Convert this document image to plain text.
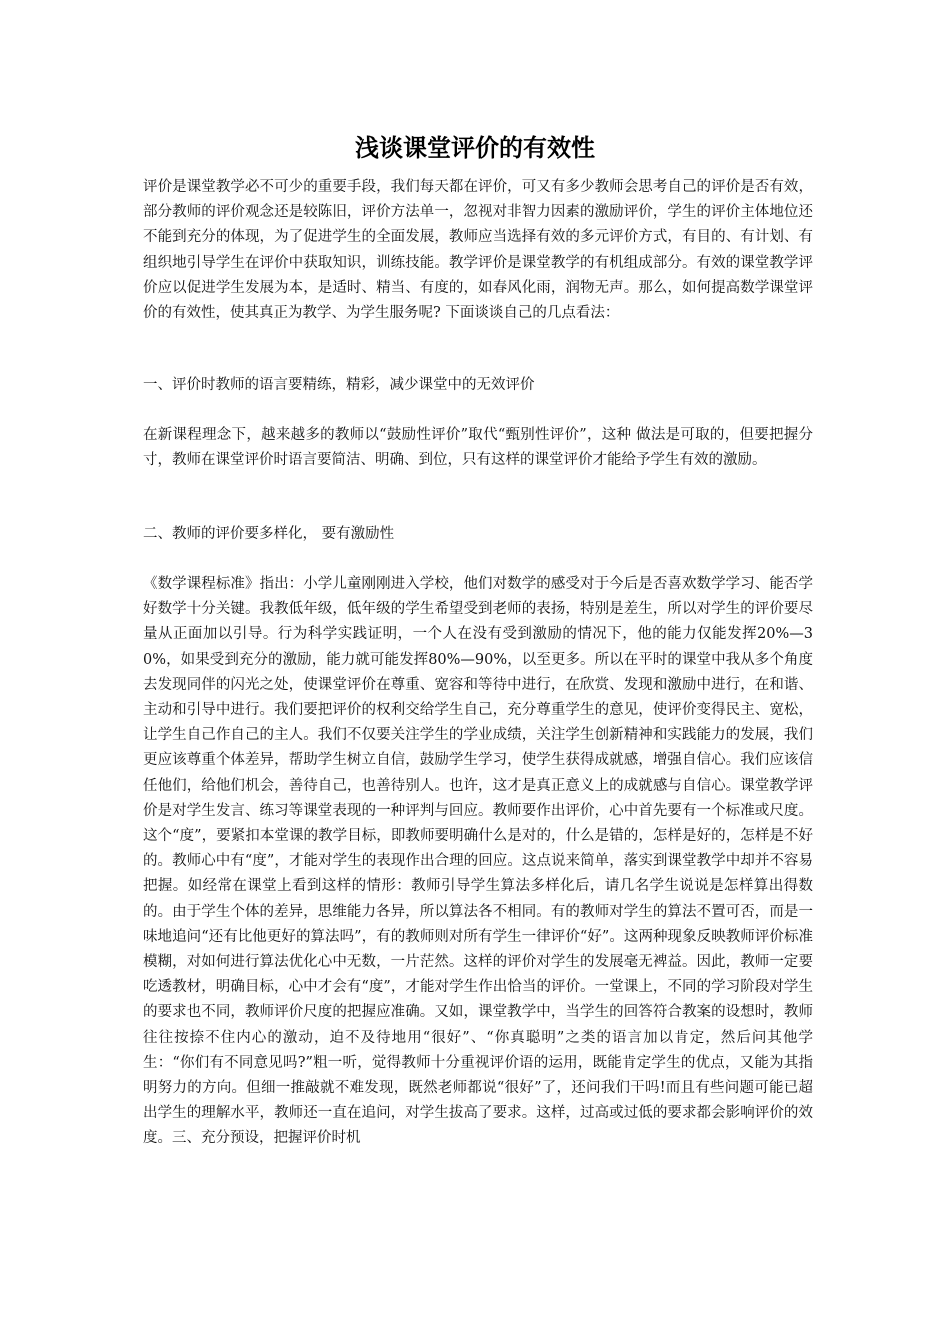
浅谈课堂评价的有效性

评价是课堂教学必不可少的重要手段，我们每天都在评价，可又有多少教师会思考自己的评价是否有效，部分教师的评价观念还是较陈旧，评价方法单一，忽视对非智力因素的激励评价，学生的评价主体地位还不能到充分的体现，为了促进学生的全面发展，教师应当选择有效的多元评价方式，有目的、有计划、有组织地引导学生在评价中获取知识，训练技能。教学评价是课堂教学的有机组成部分。有效的课堂教学评价应以促进学生发展为本，是适时、精当、有度的，如春风化雨，润物无声。那么，如何提高数学课堂评价的有效性，使其真正为教学、为学生服务呢? 下面谈谈自己的几点看法：

一、评价时教师的语言要精练，精彩，减少课堂中的无效评价

在新课程理念下，越来越多的教师以“鼓励性评价”取代“甄别性评价”，这种 做法是可取的，但要把握分寸，教师在课堂评价时语言要简洁、明确、到位，只有这样的课堂评价才能给予学生有效的激励。

二、教师的评价要多样化， 要有激励性

《数学课程标准》指出：小学儿童刚刚进入学校，他们对数学的感受对于今后是否喜欢数学学习、能否学好数学十分关键。我教低年级，低年级的学生希望受到老师的表扬，特别是差生，所以对学生的评价要尽量从正面加以引导。行为科学实践证明，一个人在没有受到激励的情况下，他的能力仅能发挥20%—30%，如果受到充分的激励，能力就可能发挥80%—90%，以至更多。所以在平时的课堂中我从多个角度去发现同伴的闪光之处，使课堂评价在尊重、宽容和等待中进行，在欣赏、发现和激励中进行，在和谐、主动和引导中进行。我们要把评价的权利交给学生自己，充分尊重学生的意见，使评价变得民主、宽松，让学生自己作自己的主人。我们不仅要关注学生的学业成绩，关注学生创新精神和实践能力的发展，我们更应该尊重个体差异，帮助学生树立自信，鼓励学生学习，使学生获得成就感，增强自信心。我们应该信任他们，给他们机会，善待自己，也善待别人。也许，这才是真正意义上的成就感与自信心。课堂教学评价是对学生发言、练习等课堂表现的一种评判与回应。教师要作出评价，心中首先要有一个标准或尺度。这个“度”，要紧扣本堂课的教学目标，即教师要明确什么是对的，什么是错的，怎样是好的，怎样是不好的。教师心中有“度”，才能对学生的表现作出合理的回应。这点说来简单，落实到课堂教学中却并不容易把握。如经常在课堂上看到这样的情形：教师引导学生算法多样化后，请几名学生说说是怎样算出得数的。由于学生个体的差异，思维能力各异，所以算法各不相同。有的教师对学生的算法不置可否，而是一味地追问“还有比他更好的算法吗”，有的教师则对所有学生一律评价“好”。这两种现象反映教师评价标准模糊，对如何进行算法优化心中无数，一片茫然。这样的评价对学生的发展毫无裨益。因此，教师一定要吃透教材，明确目标，心中才会有“度”，才能对学生作出恰当的评价。一堂课上，不同的学习阶段对学生的要求也不同，教师评价尺度的把握应准确。又如，课堂教学中，当学生的回答符合教案的设想时，教师往往按捺不住内心的激动，迫不及待地用“很好”、“你真聪明”之类的语言加以肯定，然后问其他学生：“你们有不同意见吗?”粗一听，觉得教师十分重视评价语的运用，既能肯定学生的优点，又能为其指明努力的方向。但细一推敲就不难发现，既然老师都说“很好”了，还问我们干吗!而且有些问题可能已超出学生的理解水平，教师还一直在追问，对学生拔高了要求。这样，过高或过低的要求都会影响评价的效度。三、充分预设，把握评价时机
